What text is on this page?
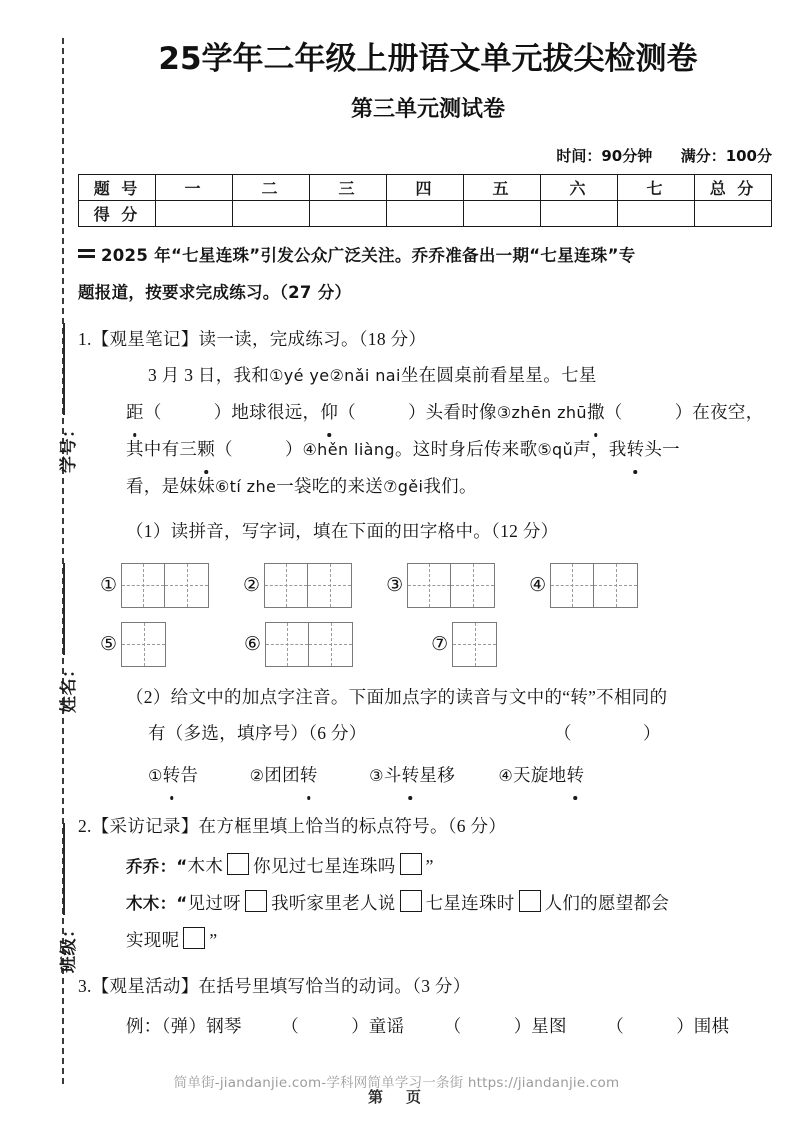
学号：
姓名：
班级：
25学年二年级上册语文单元拔尖检测卷
第三单元测试卷
时间：90分钟 满分：100分
题 号	一	二	三	四	五	六	七	总 分
得 分								
2025 年“七星连珠”引发公众广泛关注。乔乔准备出一期“七星连珠”专
题报道，按要求完成练习。（27 分）
1.【观星笔记】读一读，完成练习。（18 分）
3 月 3 日，我和①yé ye②nǎi nai坐在圆桌前看星星。七星
距（　　　）地球很远，仰（　　　）头看时像③zhēn zhū撒（　　　）在夜空，
其中有三颗（　　　）④hěn liàng。这时身后传来歌⑤qǔ声，我转头一
看，是妹妹⑥tí zhe一袋吃的来送⑦gěi我们。
（1）读拼音，写字词，填在下面的田字格中。（12 分）
①	②	③	④
⑤	⑥	⑦
（2）给文中的加点字注音。下面加点字的读音与文中的“转”不相同的
有（多选，填序号）（6 分）	（　　　　）
①转告	②团团转	③斗转星移	④天旋地转
2.【采访记录】在方框里填上恰当的标点符号。（6 分）
乔乔：“木木 你见过七星连珠吗 ”
木木：“见过呀 我听家里老人说 七星连珠时 人们的愿望都会
实现呢 ”
3.【观星活动】在括号里填写恰当的动词。（3 分）
例：（弹）钢琴 （　　　）童谣 （　　　）星图 （　　　）围棋
简单街-jiandanjie.com-学科网简单学习一条街 https://jiandanjie.com
第　页
